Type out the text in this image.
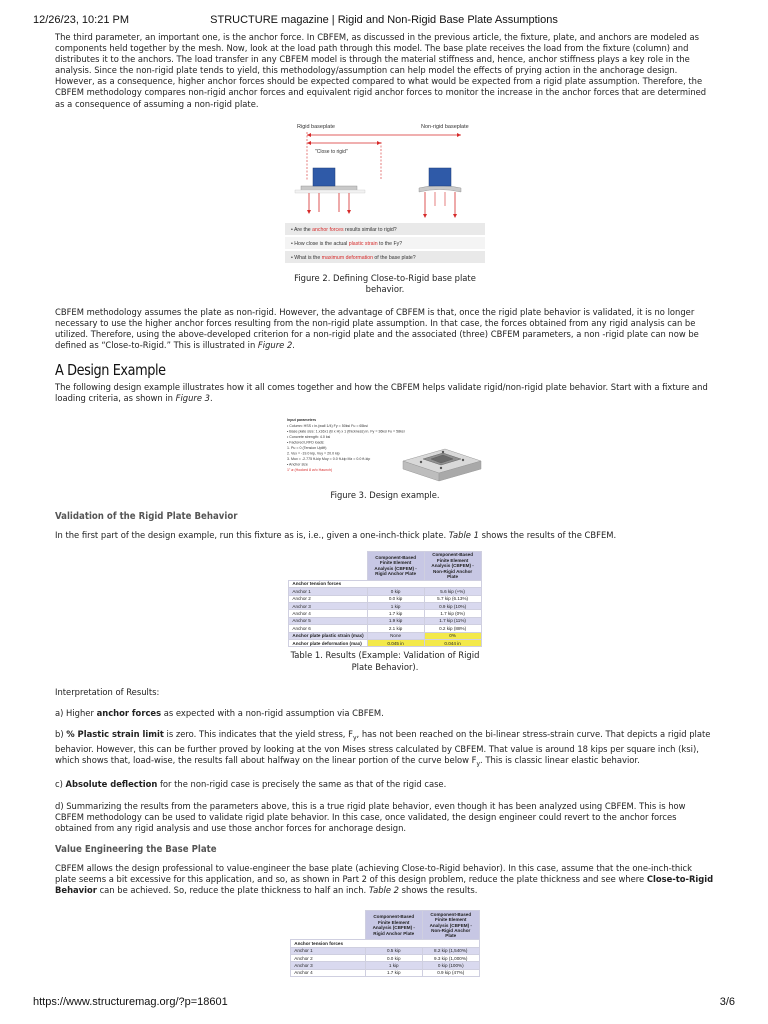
12/26/23, 10:21 PM	STRUCTURE magazine | Rigid and Non-Rigid Base Plate Assumptions

The third parameter, an important one, is the anchor force. In CBFEM, as discussed in the previous article, the fixture, plate, and anchors are modeled as components held together by the mesh. Now, look at the load path through this model. The base plate receives the load from the fixture (column) and distributes it to the anchors. The load transfer in any CBFEM model is through the material stiffness and, hence, anchor stiffness plays a key role in the analysis. Since the non-rigid plate tends to yield, this methodology/assumption can help model the effects of prying action in the anchorage design. However, as a consequence, higher anchor forces should be expected compared to what would be expected from a rigid plate assumption. Therefore, the CBFEM methodology compares non-rigid anchor forces and equivalent rigid anchor forces to monitor the increase in the anchor forces that are determined as a consequence of assuming a non-rigid plate.

Rigid baseplate	Non-rigid baseplate
"Close to rigid"
• Are the anchor forces results similar to rigid?
• How close is the actual plastic strain to the Fy?
• What is the maximum deformation of the base plate?
Figure 2. Defining Close-to-Rigid base plate behavior.

CBFEM methodology assumes the plate as non-rigid. However, the advantage of CBFEM is that, once the rigid plate behavior is validated, it is no longer necessary to use the higher anchor forces resulting from the non-rigid plate assumption. In that case, the forces obtained from any rigid analysis can be utilized. Therefore, using the above-developed criterion for a non-rigid plate and the associated (three) CBFEM parameters, a non -rigid plate can now be defined as “Close-to-Rigid.” This is illustrated in Figure 2.

A Design Example

The following design example illustrates how it all comes together and how the CBFEM helps validate rigid/non-rigid plate behavior. Start with a fixture and loading criteria, as shown in Figure 3.

Input parameters
• Column: HSS • in.(wall 1/4) Fy = 50ksi Fu = 65ksi
• Base plate size: 1.x16x1 (B x H) x 1 (thickness) in. Fy = 36ksi Fu = 58ksi
• Concrete strength: 4.0 ksi
• Factored LRFD loads:
1. Pu = 0 (Tension Uplift)
2. Vux = -19.0 kip, Vuy = 20.0 kip
3. Mux = -2.775 ft-kip Muy = 0.0 ft-kip Mz = 0.0 ft-kip
• Anchor size
1" ø (Hooked 8 w/o Haunch)
Figure 3. Design example.
Validation of the Rigid Plate Behavior

In the first part of the design example, run this fixture as is, i.e., given a one-inch-thick plate. Table 1 shows the results of the CBFEM.

	Component-Based Finite Element Analysis (CBFEM) - Rigid Anchor Plate	Component-Based Finite Element Analysis (CBFEM) - Non-Rigid Anchor Plate
Anchor tension forces		
Anchor 1	0 kip	5.6 kip (+%)
Anchor 2	0.0 kip	5.7 kip (6.13%)
Anchor 3	1 kip	0.9 kip (10%)
Anchor 4	1.7 kip	1.7 kip (0%)
Anchor 5	1.9 kip	1.7 kip (11%)
Anchor 6	2.1 kip	0.2 kip (88%)
Anchor plate plastic strain (max)	None	0%
Anchor plate deformation (max)	0.045 in	0.044 in
Table 1. Results (Example: Validation of Rigid Plate Behavior).

Interpretation of Results:

a) Higher anchor forces as expected with a non-rigid assumption via CBFEM.

b) % Plastic strain limit is zero. This indicates that the yield stress, $F_y$, has not been reached on the bi-linear stress-strain curve. That depicts a rigid plate behavior. However, this can be further proved by looking at the von Mises stress calculated by CBFEM. That value is around 18 kips per square inch (ksi), which shows that, load-wise, the results fall about halfway on the linear portion of the curve below $F_y$. This is classic linear elastic behavior.

c) Absolute deflection for the non-rigid case is precisely the same as that of the rigid case.

d) Summarizing the results from the parameters above, this is a true rigid plate behavior, even though it has been analyzed using CBFEM. This is how CBFEM methodology can be used to validate rigid plate behavior. In this case, once validated, the design engineer could revert to the anchor forces obtained from any rigid analysis and use those anchor forces for anchorage design.

Value Engineering the Base Plate

CBFEM allows the design professional to value-engineer the base plate (achieving Close-to-Rigid behavior). In this case, assume that the one-inch-thick plate seems a bit excessive for this application, and so, as shown in Part 2 of this design problem, reduce the plate thickness and see where Close-to-Rigid Behavior can be achieved. So, reduce the plate thickness to half an inch. Table 2 shows the results.

	Component-Based Finite Element Analysis (CBFEM) - Rigid Anchor Plate	Component-Based Finite Element Analysis (CBFEM) - Non-Rigid Anchor Plate
Anchor tension forces		
Anchor 1	0.5 kip	8.2 kip (1,540%)
Anchor 2	0.0 kip	9.3 kip (1,000%)
Anchor 3	1 kip	0 kip (100%)
Anchor 4	1.7 kip	0.9 kip (47%)
https://www.structuremag.org/?p=18601	3/6
